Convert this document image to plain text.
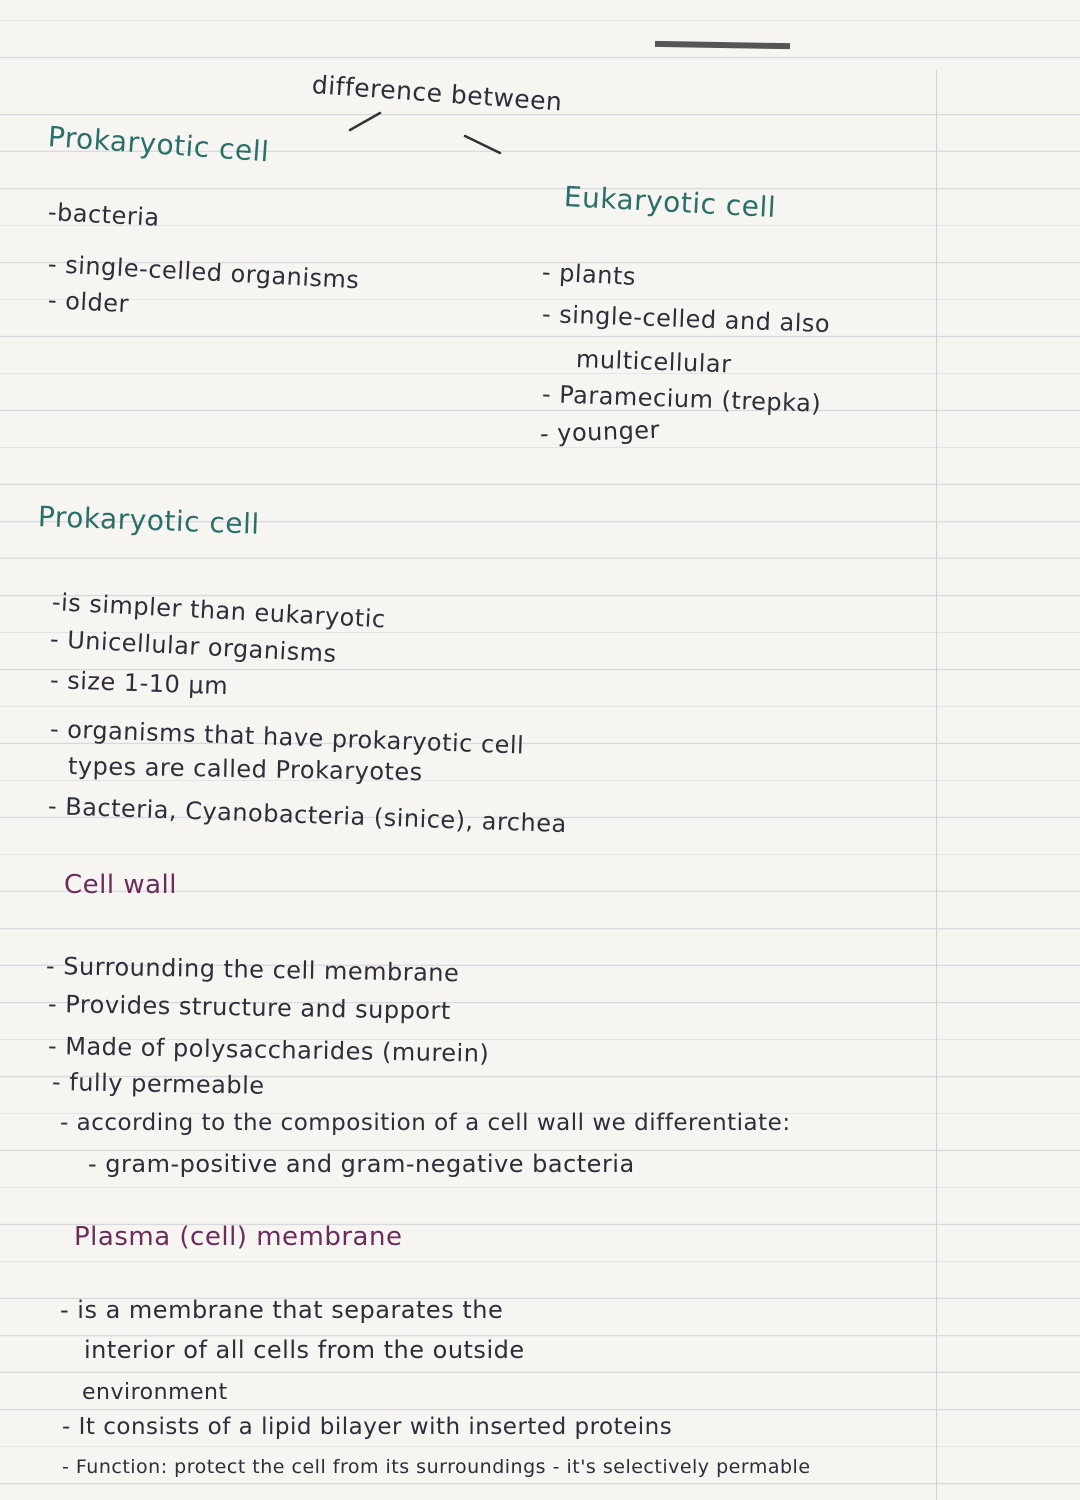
difference between
Prokaryotic cell
Eukaryotic cell
-bacteria
- single-celled organisms
- older
- plants
- single-celled and also
multicellular
- Paramecium (trepka)
- younger
Prokaryotic cell
-is simpler than eukaryotic
- Unicellular organisms
- size 1-10 µm
- organisms that have prokaryotic cell
types are called Prokaryotes
- Bacteria, Cyanobacteria (sinice), archea
Cell wall
- Surrounding the cell membrane
- Provides structure and support
- Made of polysaccharides (murein)
- fully permeable
- according to the composition of a cell wall we differentiate:
- gram-positive and gram-negative bacteria
Plasma (cell) membrane
- is a membrane that separates the
interior of all cells from the outside
environment
- It consists of a lipid bilayer with inserted proteins
- Function: protect the cell from its surroundings - it's selectively permable
